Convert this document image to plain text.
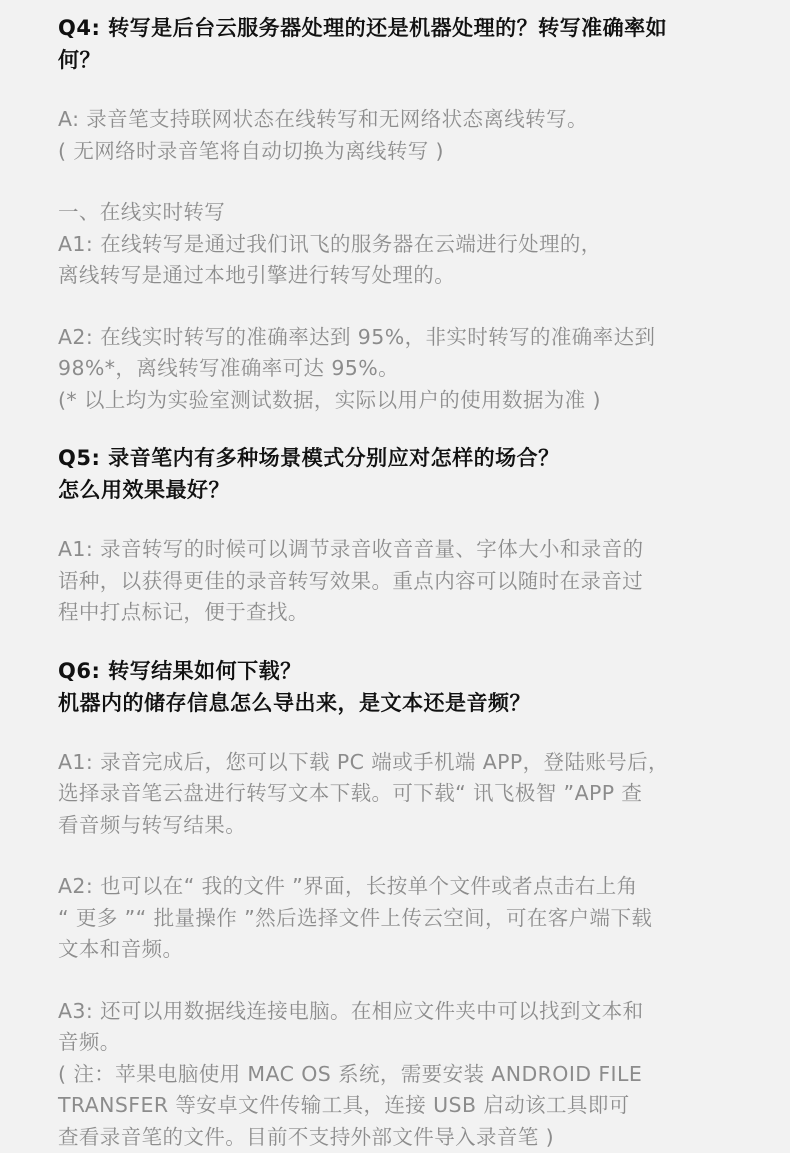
Q4: 转写是后台云服务器处理的还是机器处理的？转写准确率如
何？
A: 录音笔支持联网状态在线转写和无网络状态离线转写。
( 无网络时录音笔将自动切换为离线转写 )
一、在线实时转写
A1: 在线转写是通过我们讯飞的服务器在云端进行处理的，
离线转写是通过本地引擎进行转写处理的。
A2: 在线实时转写的准确率达到 95%，非实时转写的准确率达到
98%*，离线转写准确率可达 95%。
(* 以上均为实验室测试数据，实际以用户的使用数据为准 )
Q5: 录音笔内有多种场景模式分别应对怎样的场合？
怎么用效果最好？
A1: 录音转写的时候可以调节录音收音音量、字体大小和录音的
语种，以获得更佳的录音转写效果。重点内容可以随时在录音过
程中打点标记，便于查找。
Q6: 转写结果如何下载？
机器内的储存信息怎么导出来，是文本还是音频？
A1: 录音完成后，您可以下载 PC 端或手机端 APP，登陆账号后，
选择录音笔云盘进行转写文本下载。可下载“ 讯飞极智 ”APP 查
看音频与转写结果。
A2: 也可以在“ 我的文件 ”界面，长按单个文件或者点击右上角
“ 更多 ”“ 批量操作 ”然后选择文件上传云空间，可在客户端下载
文本和音频。
A3: 还可以用数据线连接电脑。在相应文件夹中可以找到文本和
音频。
( 注：苹果电脑使用 MAC OS 系统，需要安装 ANDROID FILE
TRANSFER 等安卓文件传输工具，连接 USB 启动该工具即可
查看录音笔的文件。目前不支持外部文件导入录音笔 )
